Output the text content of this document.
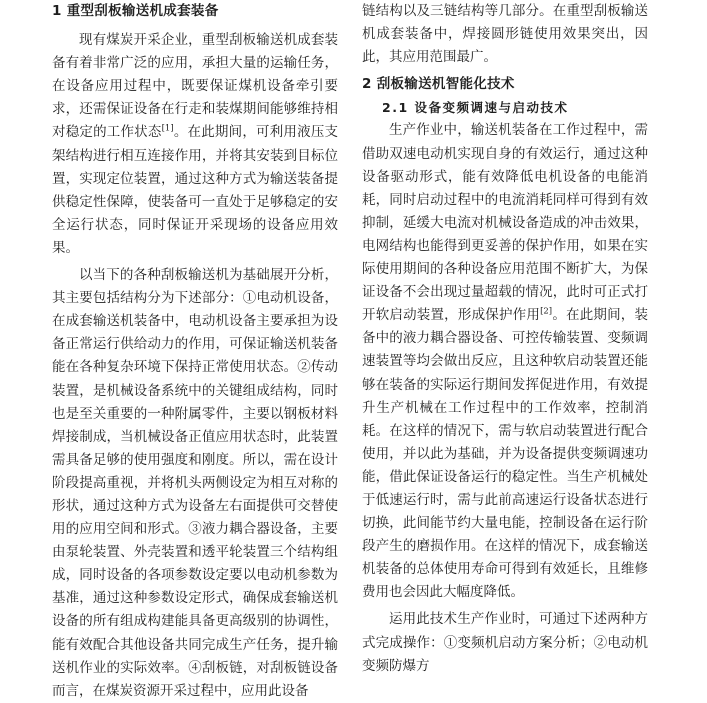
1 重型刮板输送机成套装备

现有煤炭开采企业，重型刮板输送机成套装备有着非常广泛的应用，承担大量的运输任务，在设备应用过程中，既要保证煤机设备牵引要求，还需保证设备在行走和装煤期间能够维持相对稳定的工作状态[1]。在此期间，可利用液压支架结构进行相互连接作用，并将其安装到目标位置，实现定位装置，通过这种方式为输送装备提供稳定性保障，使装备可一直处于足够稳定的安全运行状态，同时保证开采现场的设备应用效果。

以当下的各种刮板输送机为基础展开分析，其主要包括结构分为下述部分：①电动机设备，在成套输送机装备中，电动机设备主要承担为设备正常运行供给动力的作用，可保证输送机装备能在各种复杂环境下保持正常使用状态。②传动装置，是机械设备系统中的关键组成结构，同时也是至关重要的一种附属零件，主要以钢板材料焊接制成，当机械设备正值应用状态时，此装置需具备足够的使用强度和刚度。所以，需在设计阶段提高重视，并将机头两侧设定为相互对称的形状，通过这种方式为设备左右面提供可交替使用的应用空间和形式。③液力耦合器设备，主要由泵轮装置、外壳装置和透平轮装置三个结构组成，同时设备的各项参数设定要以电动机参数为基准，通过这种参数设定形式，确保成套输送机设备的所有组成构建能具备更高级别的协调性，能有效配合其他设备共同完成生产任务，提升输送机作业的实际效率。④刮板链，对刮板链设备而言，在煤炭资源开采过程中，应用此设备

链结构以及三链结构等几部分。在重型刮板输送机成套装备中，焊接圆形链使用效果突出，因此，其应用范围最广。

2 刮板输送机智能化技术

2.1 设备变频调速与启动技术

生产作业中，输送机装备在工作过程中，需借助双速电动机实现自身的有效运行，通过这种设备驱动形式，能有效降低电机设备的电能消耗，同时启动过程中的电流消耗同样可得到有效抑制，延缓大电流对机械设备造成的冲击效果，电网结构也能得到更妥善的保护作用，如果在实际使用期间的各种设备应用范围不断扩大，为保证设备不会出现过量超载的情况，此时可正式打开软启动装置，形成保护作用[2]。在此期间，装备中的液力耦合器设备、可控传输装置、变频调速装置等均会做出反应，且这种软启动装置还能够在装备的实际运行期间发挥促进作用，有效提升生产机械在工作过程中的工作效率，控制消耗。在这样的情况下，需与软启动装置进行配合使用，并以此为基础，并为设备提供变频调速功能，借此保证设备运行的稳定性。当生产机械处于低速运行时，需与此前高速运行设备状态进行切换，此间能节约大量电能，控制设备在运行阶段产生的磨损作用。在这样的情况下，成套输送机装备的总体使用寿命可得到有效延长，且维修费用也会因此大幅度降低。

运用此技术生产作业时，可通过下述两种方式完成操作：①变频机启动方案分析；②电动机变频防爆方
